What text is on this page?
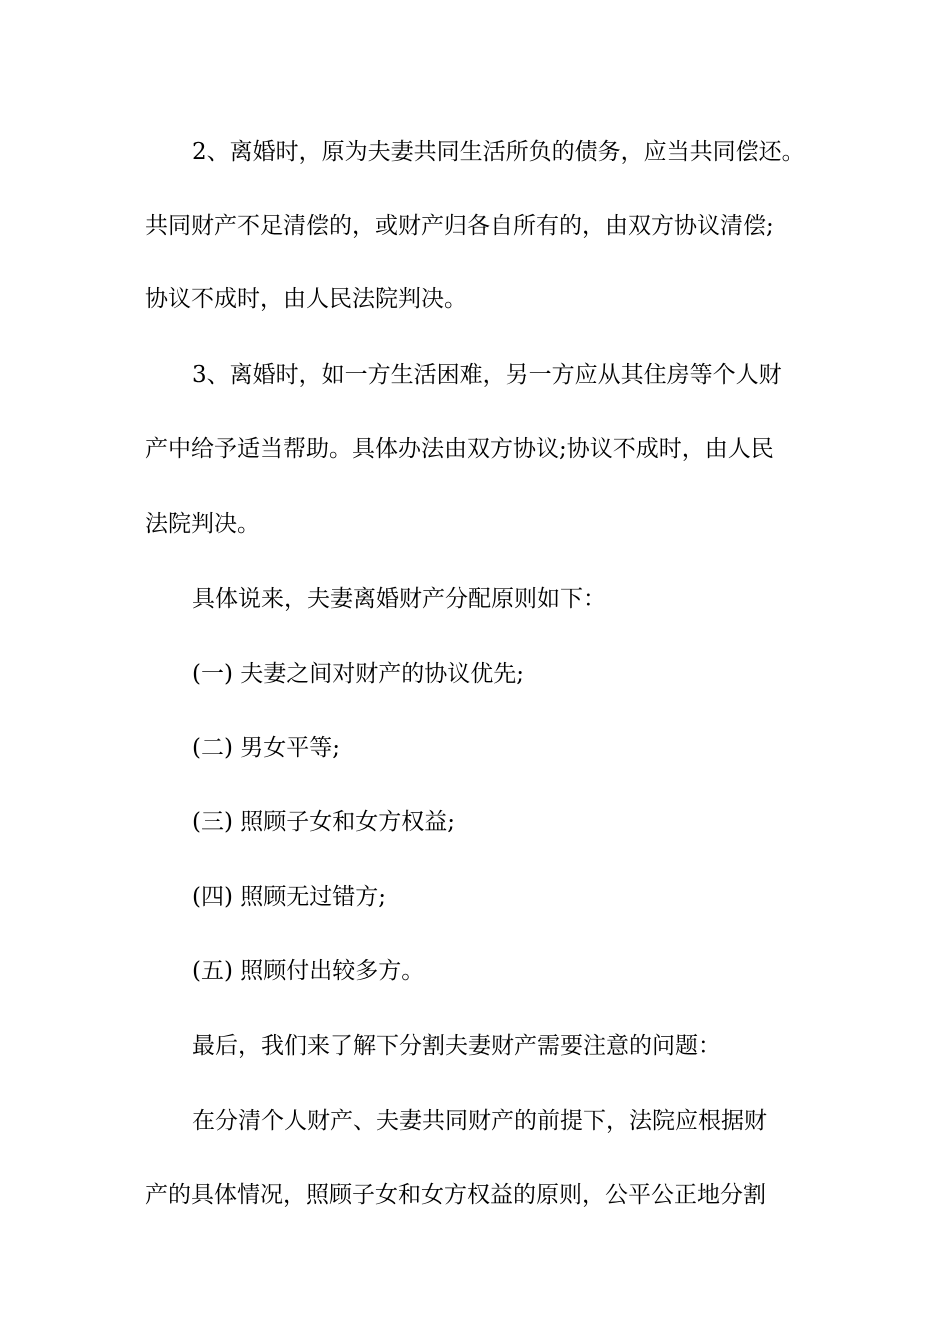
2、离婚时，原为夫妻共同生活所负的债务，应当共同偿还。
共同财产不足清偿的，或财产归各自所有的，由双方协议清偿;
协议不成时，由人民法院判决。
3、离婚时，如一方生活困难，另一方应从其住房等个人财
产中给予适当帮助。具体办法由双方协议;协议不成时，由人民
法院判决。
具体说来，夫妻离婚财产分配原则如下：
(一) 夫妻之间对财产的协议优先;
(二) 男女平等;
(三) 照顾子女和女方权益;
(四) 照顾无过错方;
(五) 照顾付出较多方。
最后，我们来了解下分割夫妻财产需要注意的问题：
在分清个人财产、夫妻共同财产的前提下，法院应根据财
产的具体情况，照顾子女和女方权益的原则，公平公正地分割
